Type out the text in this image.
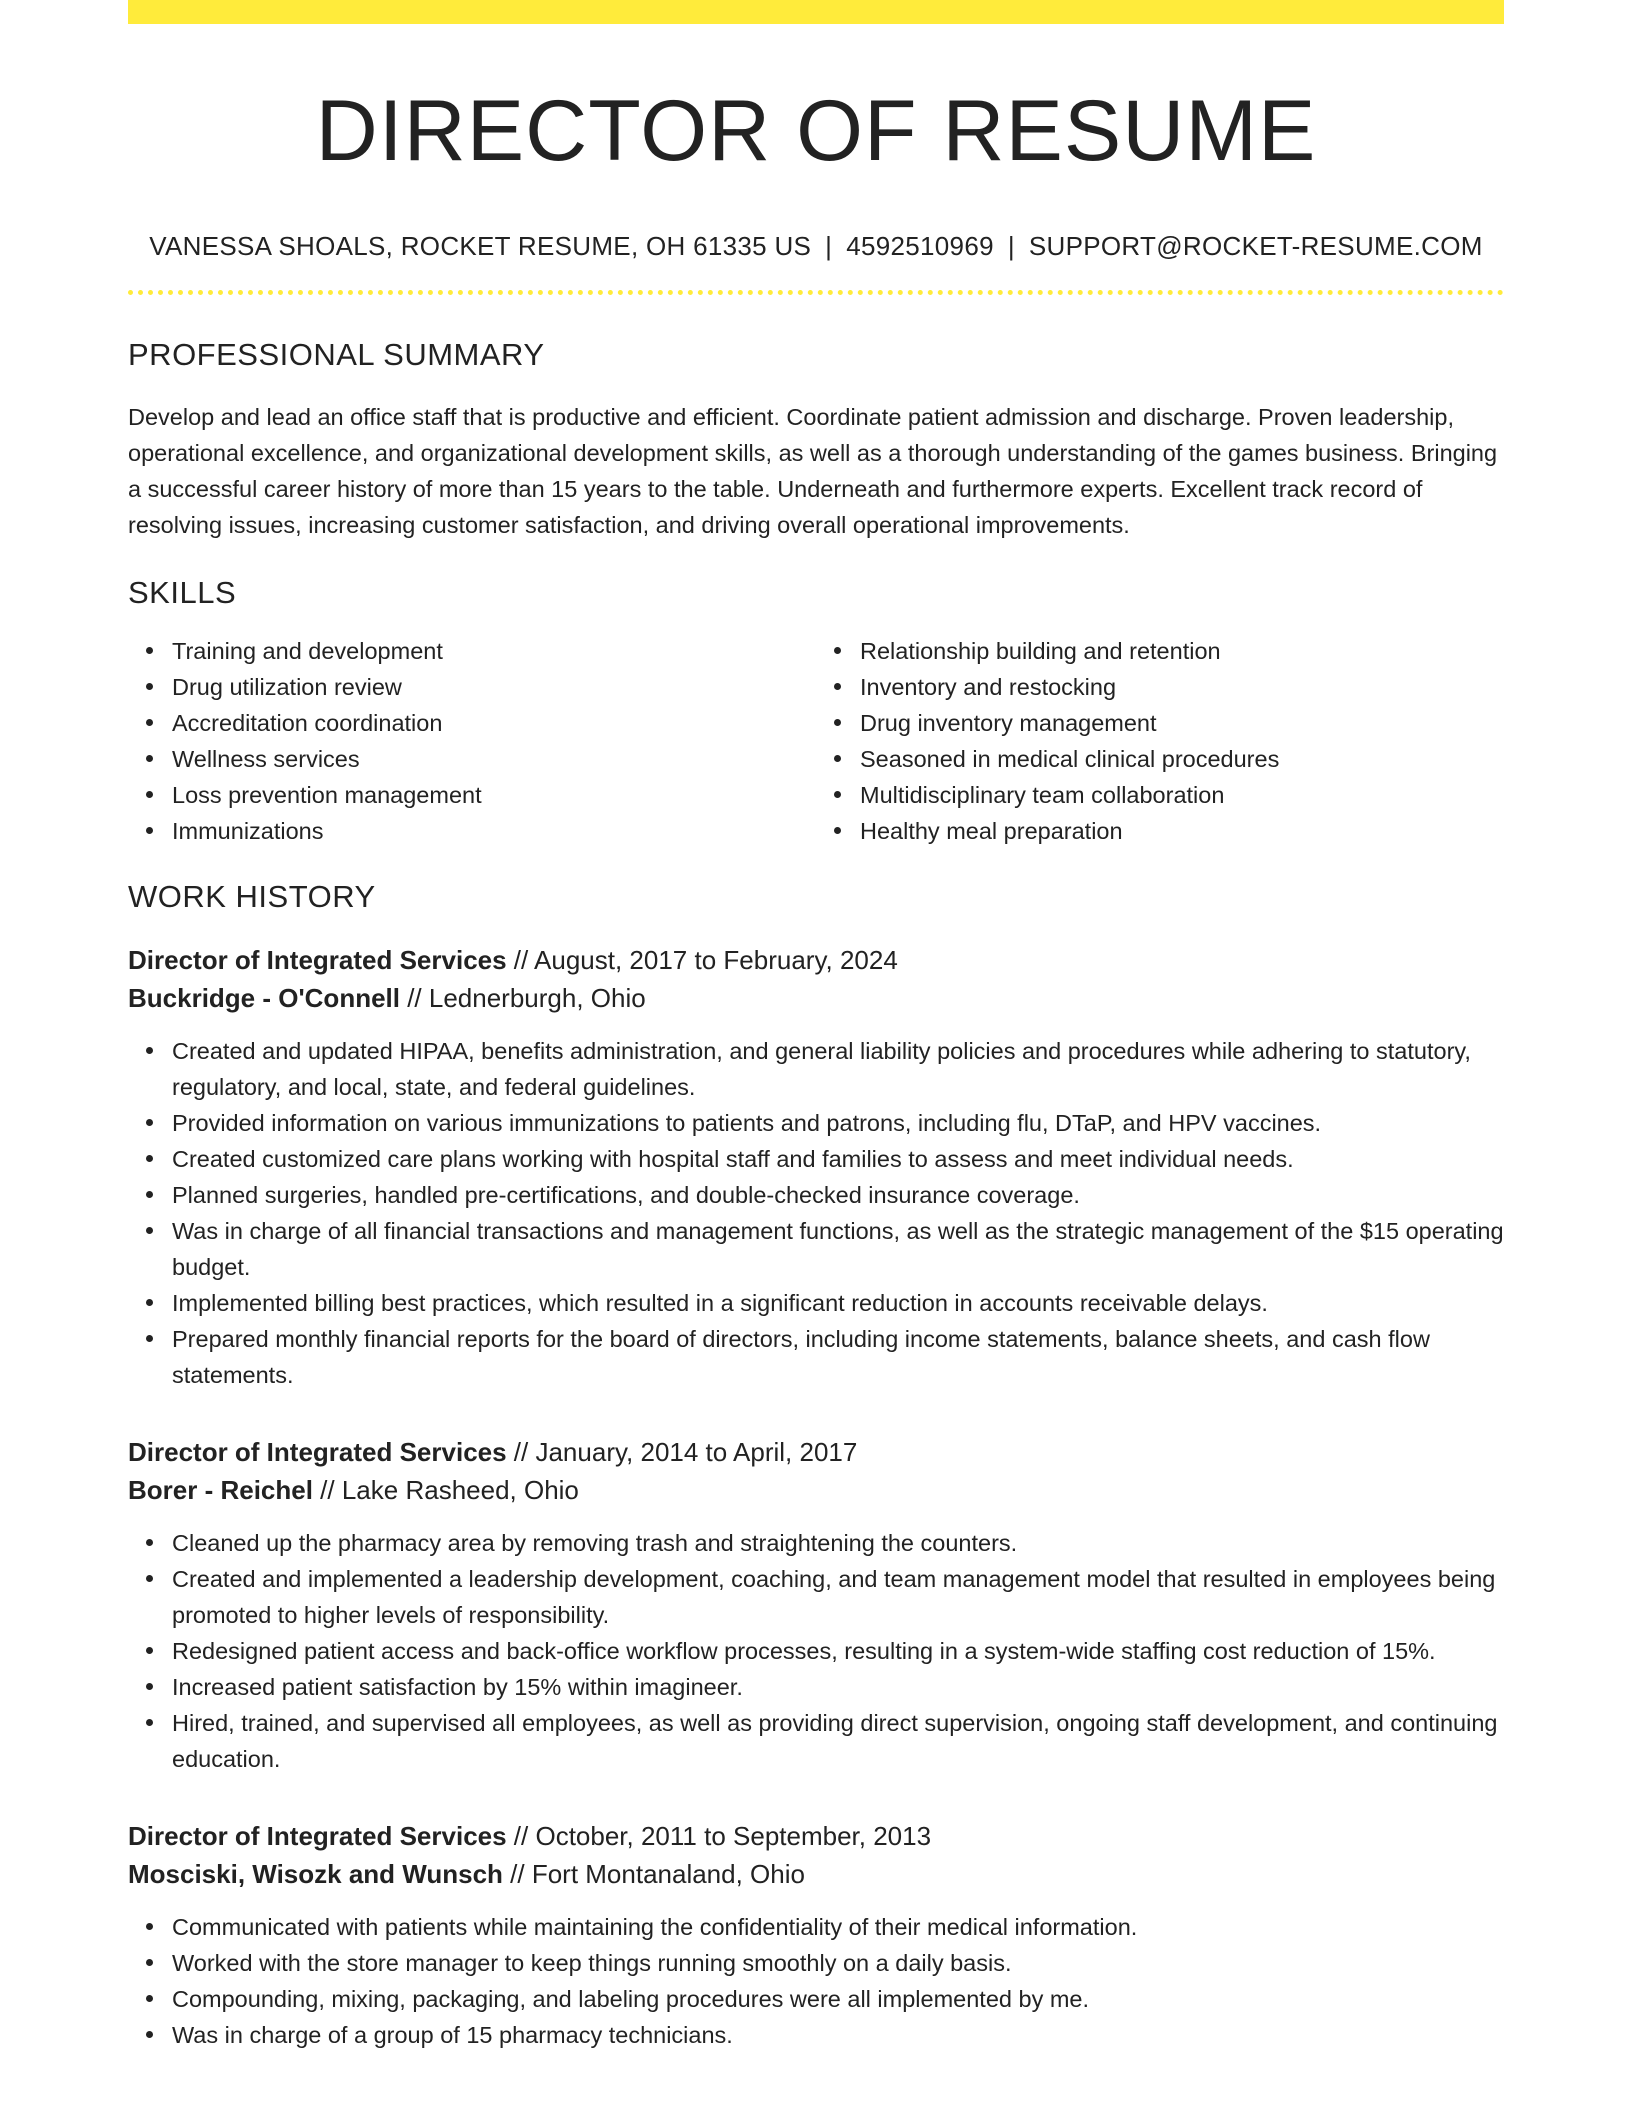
DIRECTOR OF RESUME
VANESSA SHOALS, ROCKET RESUME, OH 61335 US | 4592510969 | SUPPORT@ROCKET-RESUME.COM
PROFESSIONAL SUMMARY

Develop and lead an office staff that is productive and efficient. Coordinate patient admission and discharge. Proven leadership, operational excellence, and organizational development skills, as well as a thorough understanding of the games business. Bringing a successful career history of more than 15 years to the table. Underneath and furthermore experts. Excellent track record of resolving issues, increasing customer satisfaction, and driving overall operational improvements.

SKILLS
Training and development
Drug utilization review
Accreditation coordination
Wellness services
Loss prevention management
Immunizations
Relationship building and retention
Inventory and restocking
Drug inventory management
Seasoned in medical clinical procedures
Multidisciplinary team collaboration
Healthy meal preparation
WORK HISTORY
Director of Integrated Services // August, 2017 to February, 2024
Buckridge - O'Connell // Lednerburgh, Ohio
Created and updated HIPAA, benefits administration, and general liability policies and procedures while adhering to statutory, regulatory, and local, state, and federal guidelines.
Provided information on various immunizations to patients and patrons, including flu, DTaP, and HPV vaccines.
Created customized care plans working with hospital staff and families to assess and meet individual needs.
Planned surgeries, handled pre-certifications, and double-checked insurance coverage.
Was in charge of all financial transactions and management functions, as well as the strategic management of the $15 operating budget.
Implemented billing best practices, which resulted in a significant reduction in accounts receivable delays.
Prepared monthly financial reports for the board of directors, including income statements, balance sheets, and cash flow statements.
Director of Integrated Services // January, 2014 to April, 2017
Borer - Reichel // Lake Rasheed, Ohio
Cleaned up the pharmacy area by removing trash and straightening the counters.
Created and implemented a leadership development, coaching, and team management model that resulted in employees being promoted to higher levels of responsibility.
Redesigned patient access and back-office workflow processes, resulting in a system-wide staffing cost reduction of 15%.
Increased patient satisfaction by 15% within imagineer.
Hired, trained, and supervised all employees, as well as providing direct supervision, ongoing staff development, and continuing education.
Director of Integrated Services // October, 2011 to September, 2013
Mosciski, Wisozk and Wunsch // Fort Montanaland, Ohio
Communicated with patients while maintaining the confidentiality of their medical information.
Worked with the store manager to keep things running smoothly on a daily basis.
Compounding, mixing, packaging, and labeling procedures were all implemented by me.
Was in charge of a group of 15 pharmacy technicians.
